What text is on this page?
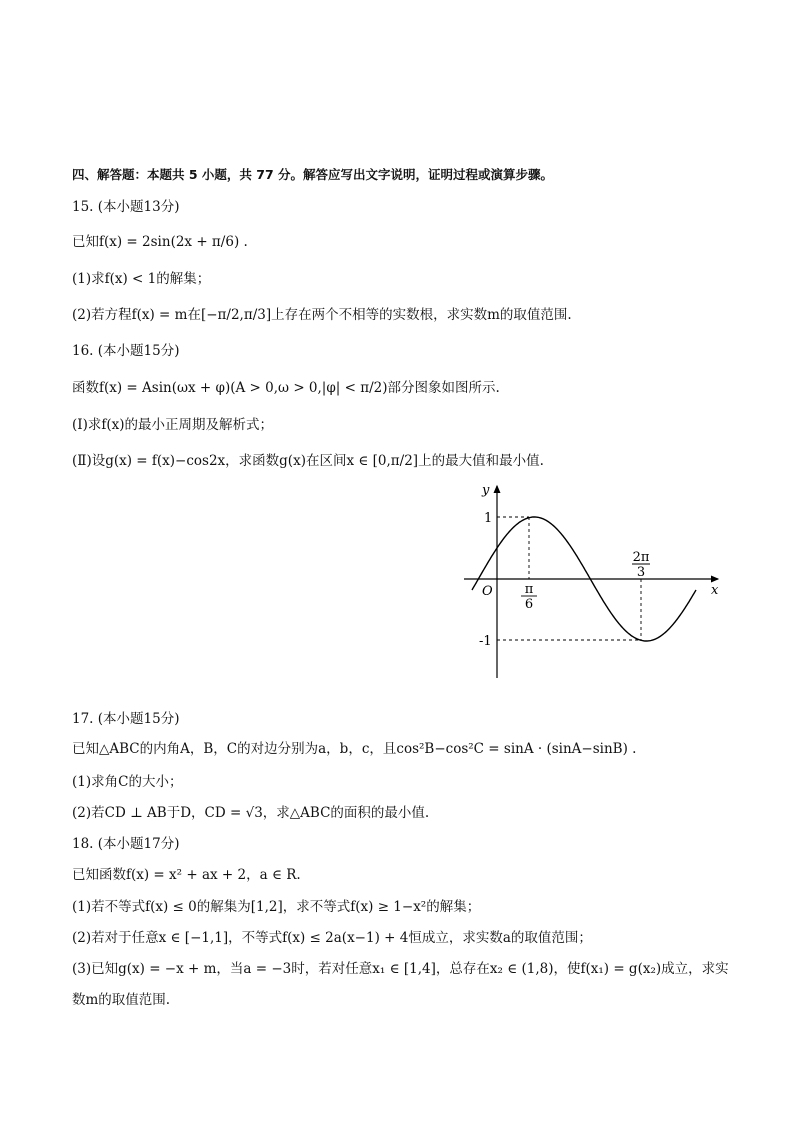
四、解答题：本题共 5 小题，共 77 分。解答应写出文字说明，证明过程或演算步骤。
15. (本小题13分)
已知f(x) = 2sin(2x + π/6) .
(1)求f(x) < 1的解集；
(2)若方程f(x) = m在[−π/2,π/3]上存在两个不相等的实数根，求实数m的取值范围.
16. (本小题15分)
函数f(x) = Asin(ωx + φ)(A > 0,ω > 0,|φ| < π/2)部分图象如图所示.
(Ⅰ)求f(x)的最小正周期及解析式；
(Ⅱ)设g(x) = f(x)−cos2x，求函数g(x)在区间x ∈ [0,π/2]上的最大值和最小值.
y
x
O
1
-1
π
6
2π
3
17. (本小题15分)
已知△ABC的内角A，B，C的对边分别为a，b，c，且cos²B−cos²C = sinA · (sinA−sinB) .
(1)求角C的大小；
(2)若CD ⊥ AB于D，CD = √3，求△ABC的面积的最小值.
18. (本小题17分)
已知函数f(x) = x² + ax + 2，a ∈ R.
(1)若不等式f(x) ≤ 0的解集为[1,2]，求不等式f(x) ≥ 1−x²的解集；
(2)若对于任意x ∈ [−1,1]，不等式f(x) ≤ 2a(x−1) + 4恒成立，求实数a的取值范围；
(3)已知g(x) = −x + m，当a = −3时，若对任意x₁ ∈ [1,4]，总存在x₂ ∈ (1,8)，使f(x₁) = g(x₂)成立，求实
数m的取值范围.
